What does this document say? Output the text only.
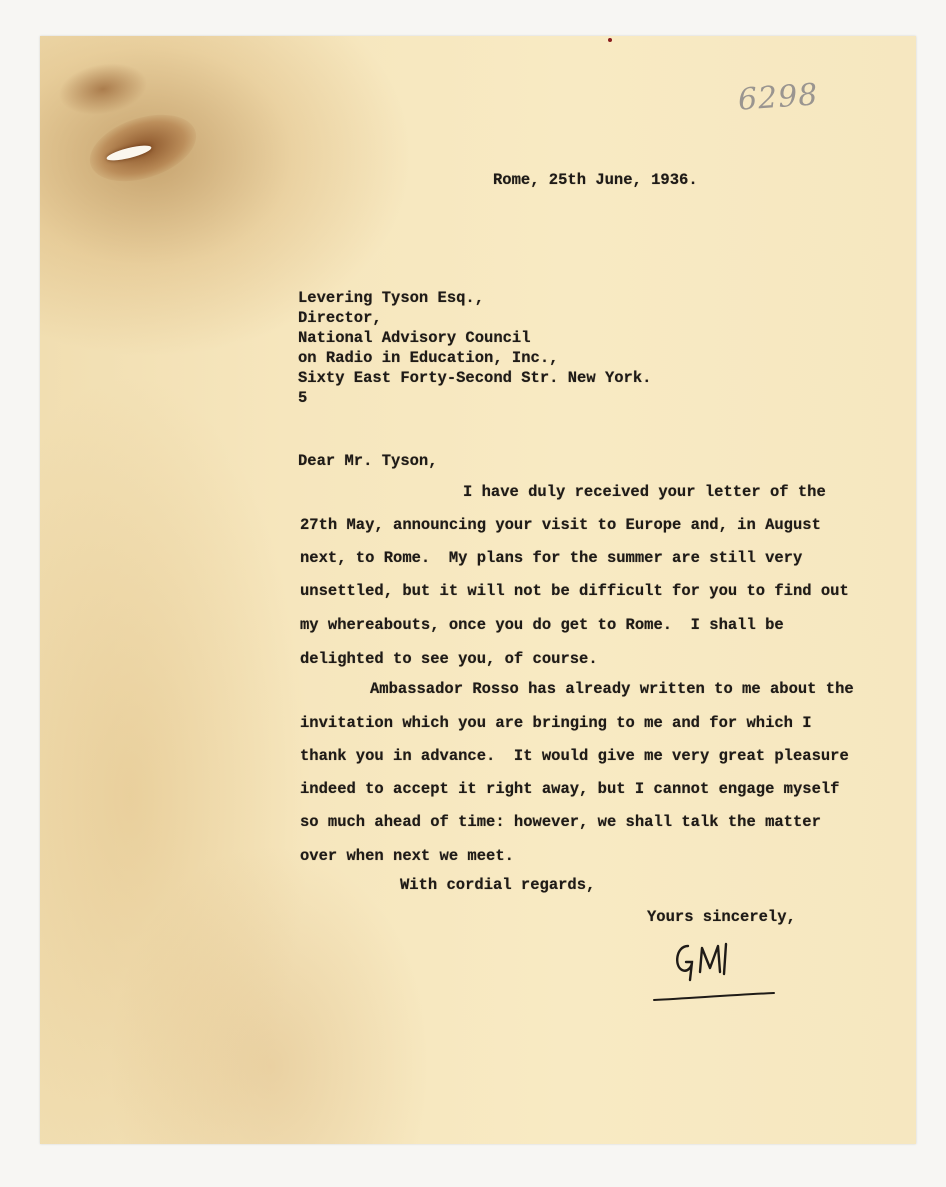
6298
Rome, 25th June, 1936.
Levering Tyson Esq.,
Director,
National Advisory Council
on Radio in Education, Inc.,
Sixty East Forty-Second Str. New York.
5
Dear Mr. Tyson,
I have duly received your letter of the
27th May, announcing your visit to Europe and, in August
next, to Rome.  My plans for the summer are still very
unsettled, but it will not be difficult for you to find out
my whereabouts, once you do get to Rome.  I shall be
delighted to see you, of course.
Ambassador Rosso has already written to me about the
invitation which you are bringing to me and for which I
thank you in advance.  It would give me very great pleasure
indeed to accept it right away, but I cannot engage myself
so much ahead of time: however, we shall talk the matter
over when next we meet.
With cordial regards,
Yours sincerely,
